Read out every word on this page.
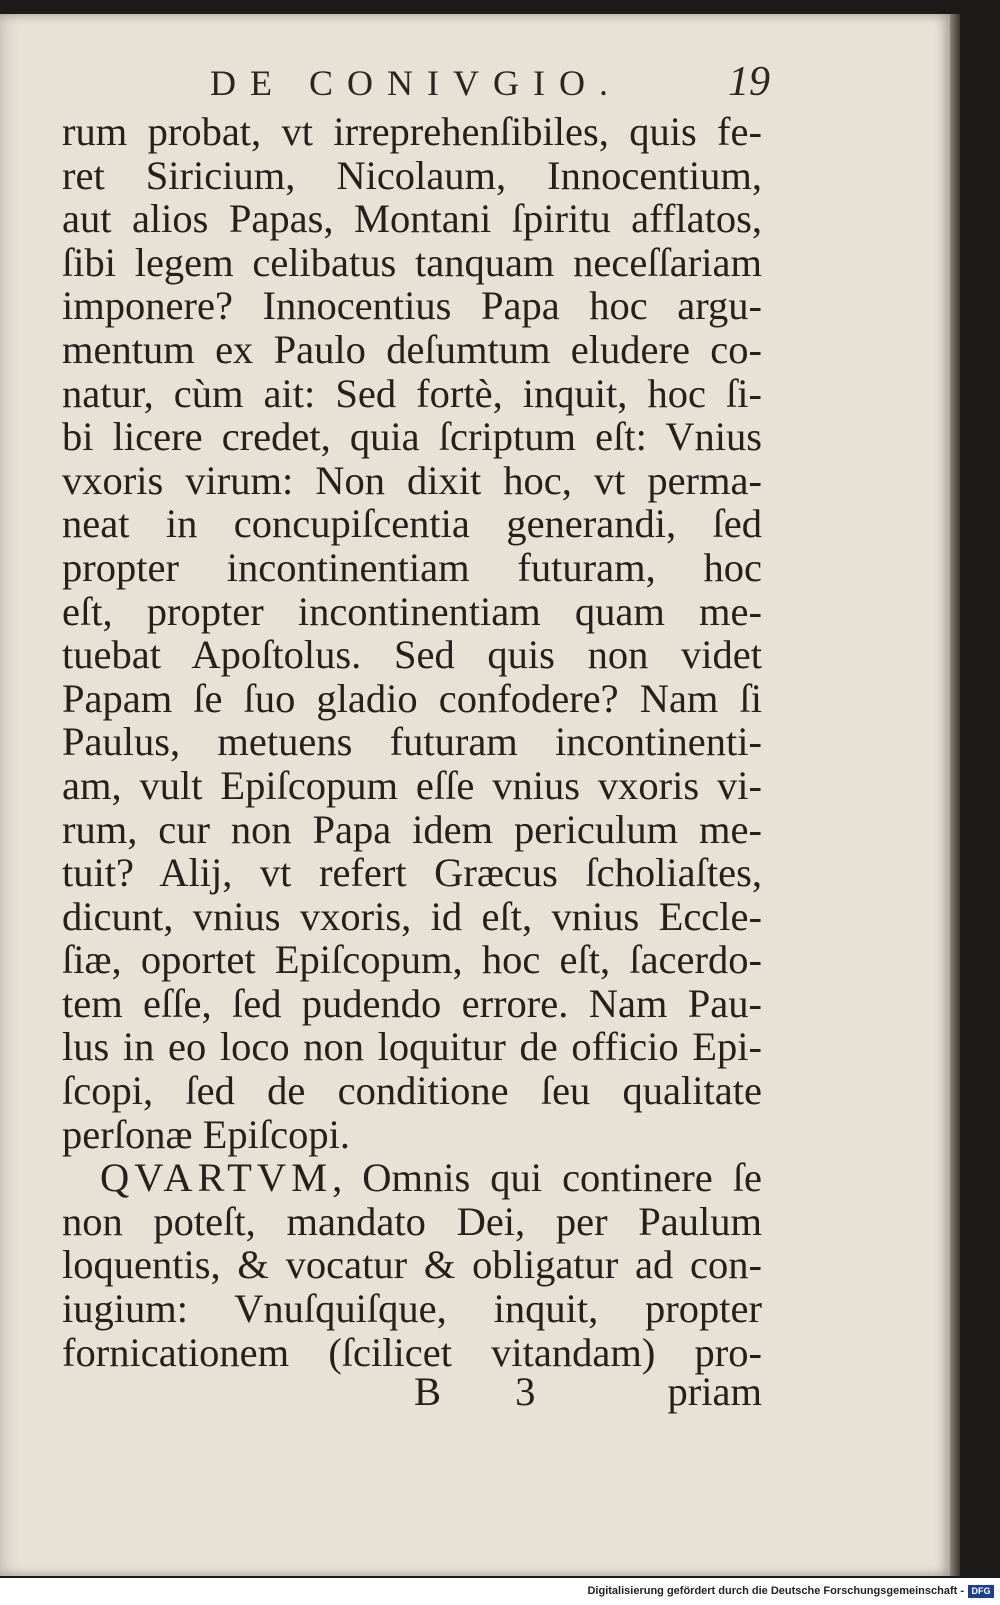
DE CONIVGIO.	19
rum probat, vt irreprehenſibiles, quis fe-
ret Siricium, Nicolaum, Innocentium,
aut alios Papas, Montani ſpiritu afflatos,
ſibi legem celibatus tanquam neceſſariam
imponere? Innocentius Papa hoc argu-
mentum ex Paulo deſumtum eludere co-
natur, cùm ait: Sed fortè, inquit, hoc ſi-
bi licere credet, quia ſcriptum eſt: Vnius
vxoris virum: Non dixit hoc, vt perma-
neat in concupiſcentia generandi, ſed
propter incontinentiam futuram, hoc
eſt, propter incontinentiam quam me-
tuebat Apoſtolus. Sed quis non videt
Papam ſe ſuo gladio confodere? Nam ſi
Paulus, metuens futuram incontinenti-
am, vult Epiſcopum eſſe vnius vxoris vi-
rum, cur non Papa idem periculum me-
tuit? Alij, vt refert Græcus ſcholiaſtes,
dicunt, vnius vxoris, id eſt, vnius Eccle-
ſiæ, oportet Epiſcopum, hoc eſt, ſacerdo-
tem eſſe, ſed pudendo errore. Nam Pau-
lus in eo loco non loquitur de officio Epi-
ſcopi, ſed de conditione ſeu qualitate
perſonæ Epiſcopi.
QVARTVM, Omnis qui continere ſe
non poteſt, mandato Dei, per Paulum
loquentis, & vocatur & obligatur ad con-
iugium: Vnuſquiſque, inquit, propter
fornicationem (ſcilicet vitandam) pro-
B 3 priam
Digitalisierung gefördert durch die Deutsche Forschungsgemeinschaft - DFG
